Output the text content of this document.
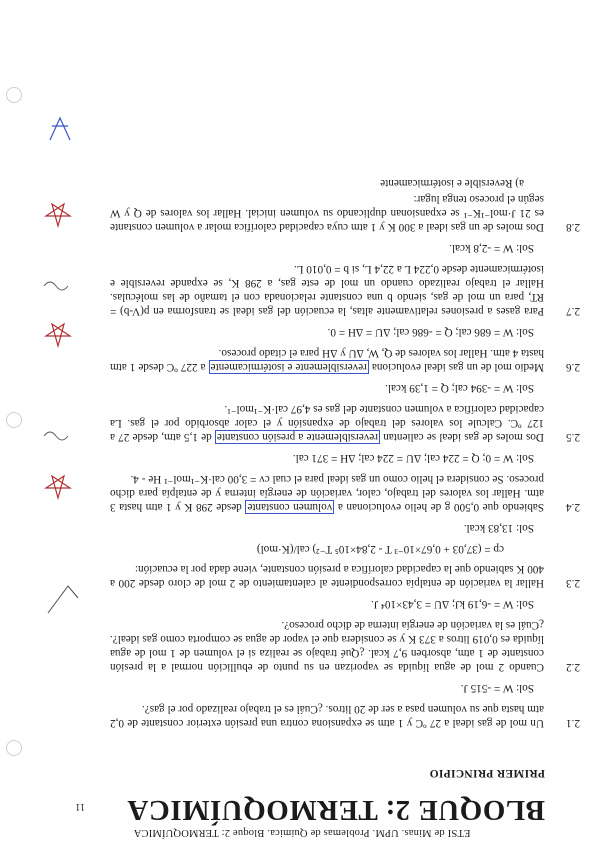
ETSI de Minas. UPM. Problemas de Química. Bloque 2: TERMOQUÍMICA
BLOQUE 2: TERMOQUÍMICA
11
PRIMER PRINCIPIO
2.1
Un mol de gas ideal a 27 ºC y 1 atm se expansiona contra una presión exterior constante de 0,2 atm hasta que su volumen pasa a ser de 20 litros. ¿Cuál es el trabajo realizado por el gas?.
Sol: W = -515 J.
2.2
Cuando 2 mol de agua líquida se vaporizan en su punto de ebullición normal a la presión constante de 1 atm, absorben 9,7 kcal. ¿Qué trabajo se realiza si el volumen de 1 mol de agua líquida es 0,019 litros a 373 K y se considera que el vapor de agua se comporta como gas ideal?. ¿Cuál es la variación de energía interna de dicho proceso?.
Sol: W = -6,19 kJ; ΔU = 3,43×10⁴ J.
2.3
Hallar la variación de entalpía correspondiente al calentamiento de 2 mol de cloro desde 200 a 400 K sabiendo que la capacidad calorífica a presión constante, viene dada por la ecuación:
cp = (37,03 + 0,67×10⁻³ T - 2,84×10⁵ T⁻²) cal/(K·mol)
Sol: 13,83 kcal.
2.4
Sabiendo que 0,500 g de helio evolucionan a volumen constante desde 298 K y 1 atm hasta 3 atm. Hallar los valores del trabajo, calor, variación de energía interna y de entalpía para dicho proceso. Se considera el helio como un gas ideal para el cual cv = 3,00 cal·K⁻¹mol⁻¹ He - 4.
Sol: W = 0; Q = 224 cal; ΔU = 224 cal; ΔH = 371 cal.
2.5
Dos moles de gas ideal se calientan reversiblemente a presión constante de 1,5 atm, desde 27 a 127 ºC. Calcule los valores del trabajo de expansión y el calor absorbido por el gas. La capacidad calorífica a volumen constante del gas es 4,97 cal·K⁻¹mol⁻¹.
Sol: W = -394 cal; Q = 1,39 kcal.
2.6
Medio mol de un gas ideal evoluciona reversiblemente e isotérmicamente a 227 ºC desde 1 atm hasta 4 atm. Hallar los valores de Q, W, ΔU y ΔH para el citado proceso.
Sol: W = 686 cal; Q = -686 cal; ΔU = ΔH = 0.
2.7
Para gases a presiones relativamente altas, la ecuación del gas ideal se transforma en p(V-b) = RT, para un mol de gas, siendo b una constante relacionada con el tamaño de las moléculas. Hallar el trabajo realizado cuando un mol de este gas, a 298 K, se expande reversible e isotérmicamente desde 0,224 L a 22,4 L, si b = 0,010 L.
Sol: W = -2,8 kcal.
2.8
Dos moles de un gas ideal a 300 K y 1 atm cuya capacidad calorífica molar a volumen constante es 21 J·mol⁻¹K⁻¹ se expansionan duplicando su volumen inicial. Hallar los valores de Q y W según el proceso tenga lugar:
a) Reversible e isotérmicamente
